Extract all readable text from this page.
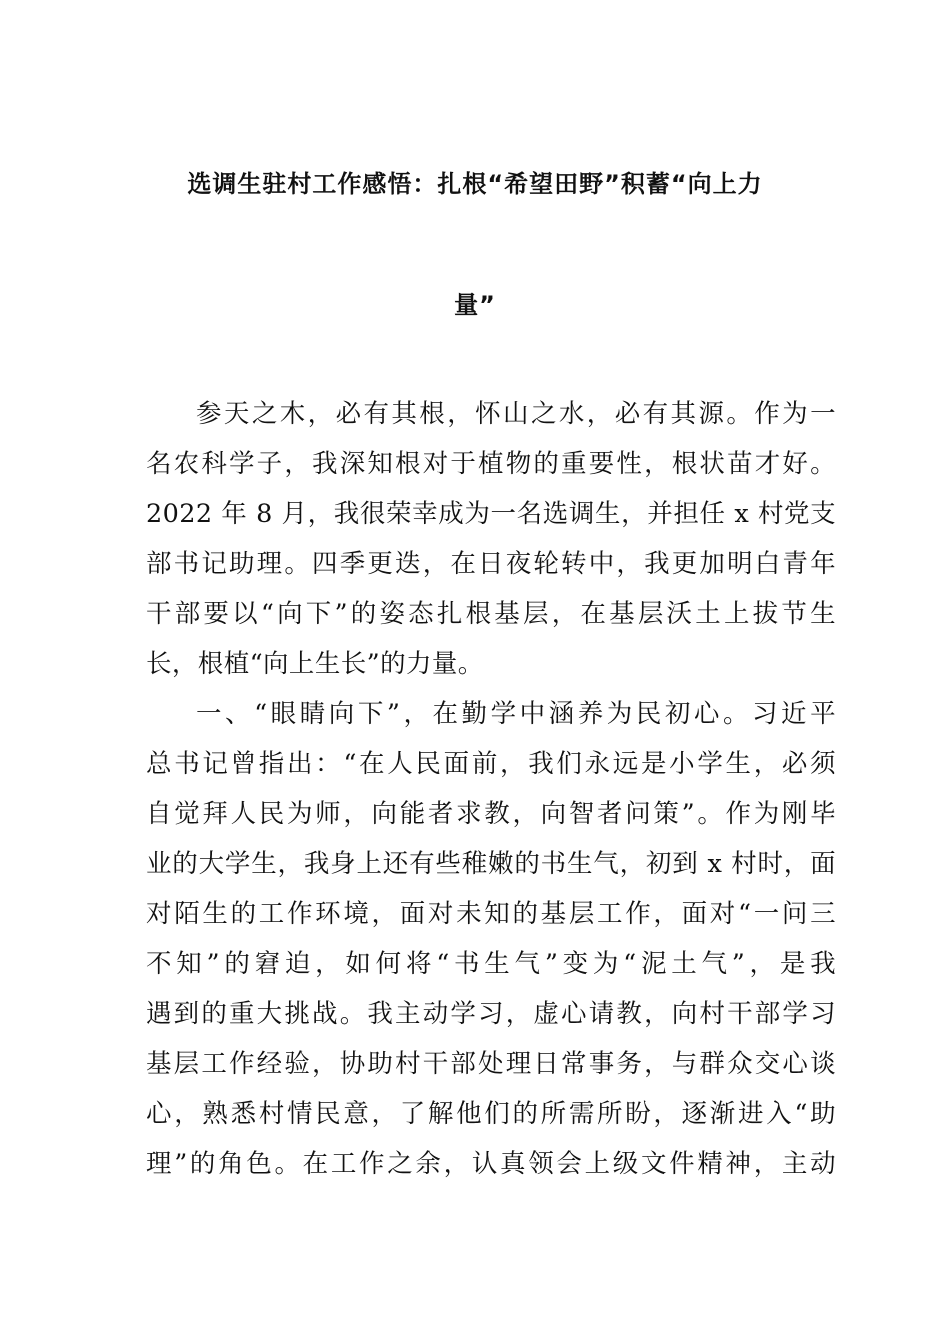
选调生驻村工作感悟：扎根“希望田野”积蓄“向上力
量”
参天之木，必有其根，怀山之水，必有其源。作为一
名农科学子，我深知根对于植物的重要性，根状苗才好。
2022 年 8 月，我很荣幸成为一名选调生，并担任 x 村党支
部书记助理。四季更迭，在日夜轮转中，我更加明白青年
干部要以“向下”的姿态扎根基层，在基层沃土上拔节生
长，根植“向上生长”的力量。
一、“眼睛向下”，在勤学中涵养为民初心。习近平
总书记曾指出：“在人民面前，我们永远是小学生，必须
自觉拜人民为师，向能者求教，向智者问策”。作为刚毕
业的大学生，我身上还有些稚嫩的书生气，初到 x 村时，面
对陌生的工作环境，面对未知的基层工作，面对“一问三
不知”的窘迫，如何将“书生气”变为“泥土气”，是我
遇到的重大挑战。我主动学习，虚心请教，向村干部学习
基层工作经验，协助村干部处理日常事务，与群众交心谈
心，熟悉村情民意，了解他们的所需所盼，逐渐进入“助
理”的角色。在工作之余，认真领会上级文件精神，主动
